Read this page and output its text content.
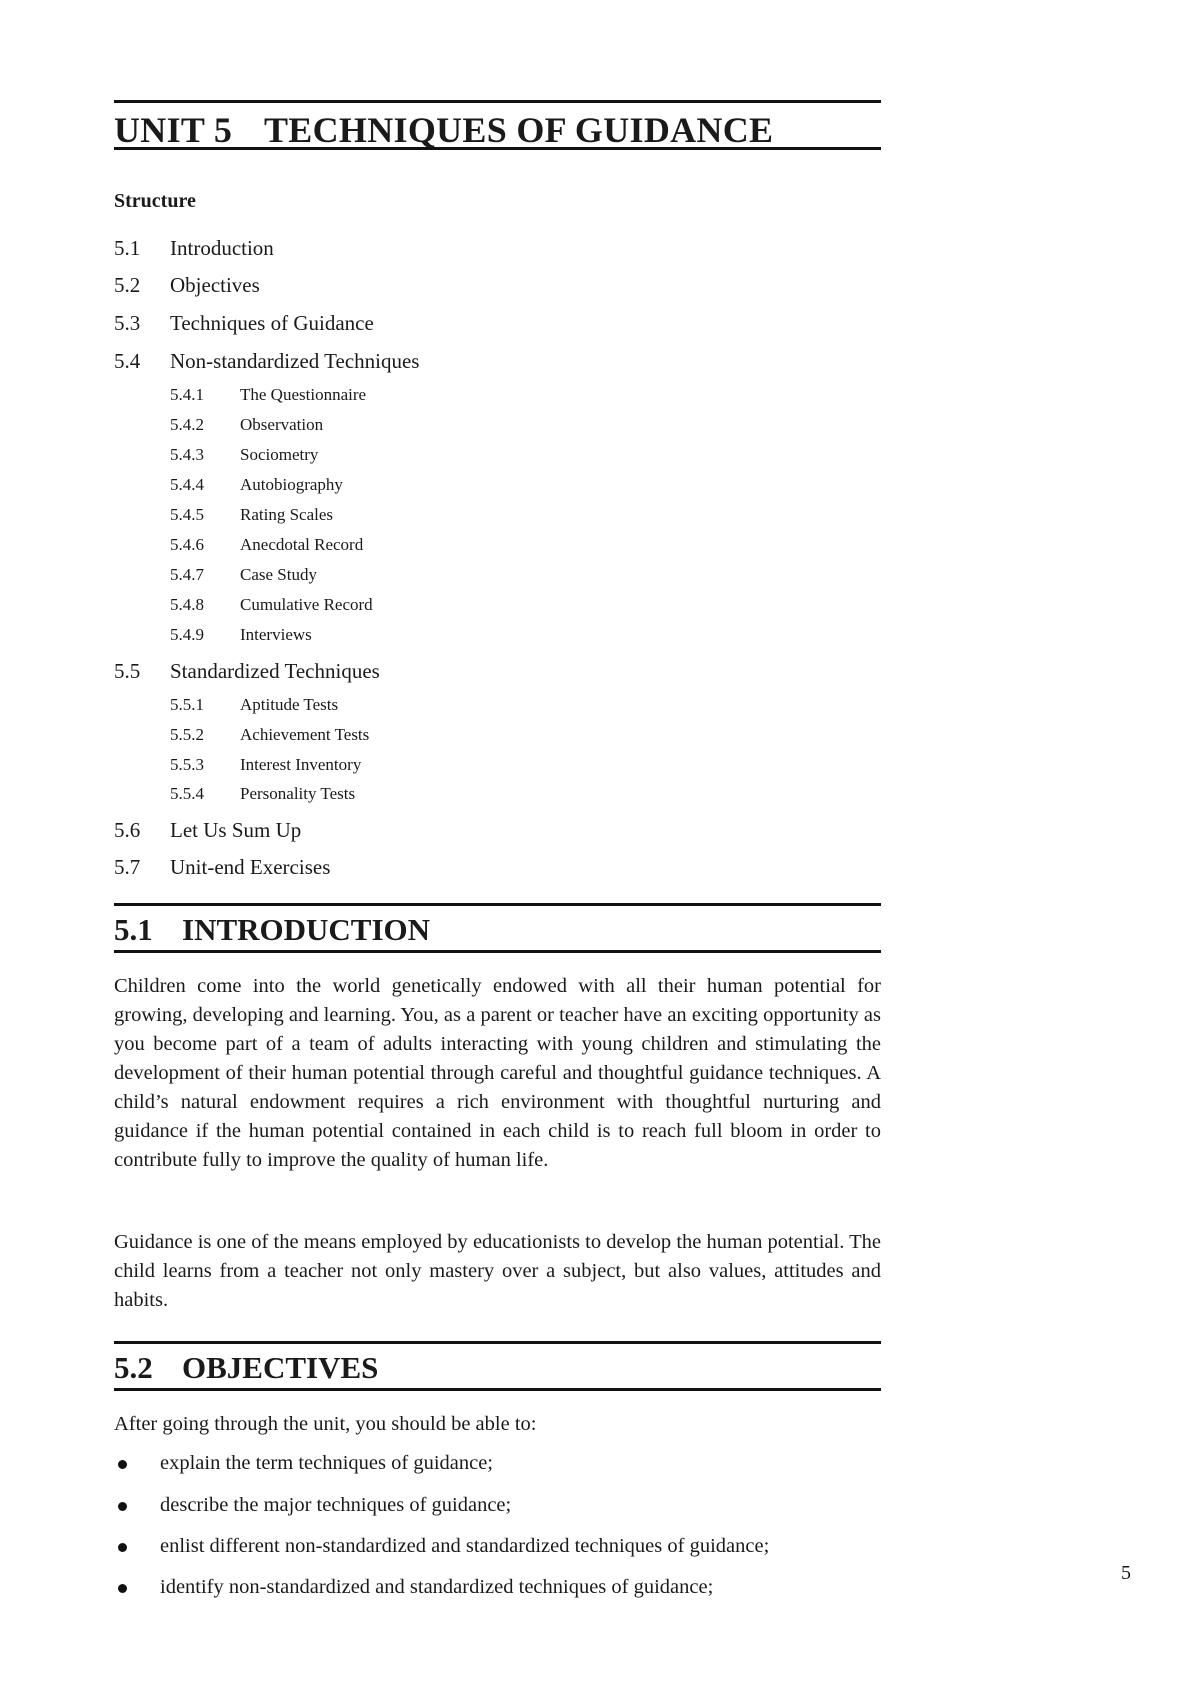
UNIT 5 TECHNIQUES OF GUIDANCE
Structure
5.1 Introduction
5.2 Objectives
5.3 Techniques of Guidance
5.4 Non-standardized Techniques
5.4.1 The Questionnaire
5.4.2 Observation
5.4.3 Sociometry
5.4.4 Autobiography
5.4.5 Rating Scales
5.4.6 Anecdotal Record
5.4.7 Case Study
5.4.8 Cumulative Record
5.4.9 Interviews
5.5 Standardized Techniques
5.5.1 Aptitude Tests
5.5.2 Achievement Tests
5.5.3 Interest Inventory
5.5.4 Personality Tests
5.6 Let Us Sum Up
5.7 Unit-end Exercises
5.1 INTRODUCTION

Children come into the world genetically endowed with all their human potential for growing, developing and learning. You, as a parent or teacher have an exciting opportunity as you become part of a team of adults interacting with young children and stimulating the development of their human potential through careful and thoughtful guidance techniques. A child’s natural endowment requires a rich environment with thoughtful nurturing and guidance if the human potential contained in each child is to reach full bloom in order to contribute fully to improve the quality of human life.

Guidance is one of the means employed by educationists to develop the human potential. The child learns from a teacher not only mastery over a subject, but also values, attitudes and habits.

5.2 OBJECTIVES

After going through the unit, you should be able to:

explain the term techniques of guidance;
describe the major techniques of guidance;
enlist different non-standardized and standardized techniques of guidance;
identify non-standardized and standardized techniques of guidance;
5
